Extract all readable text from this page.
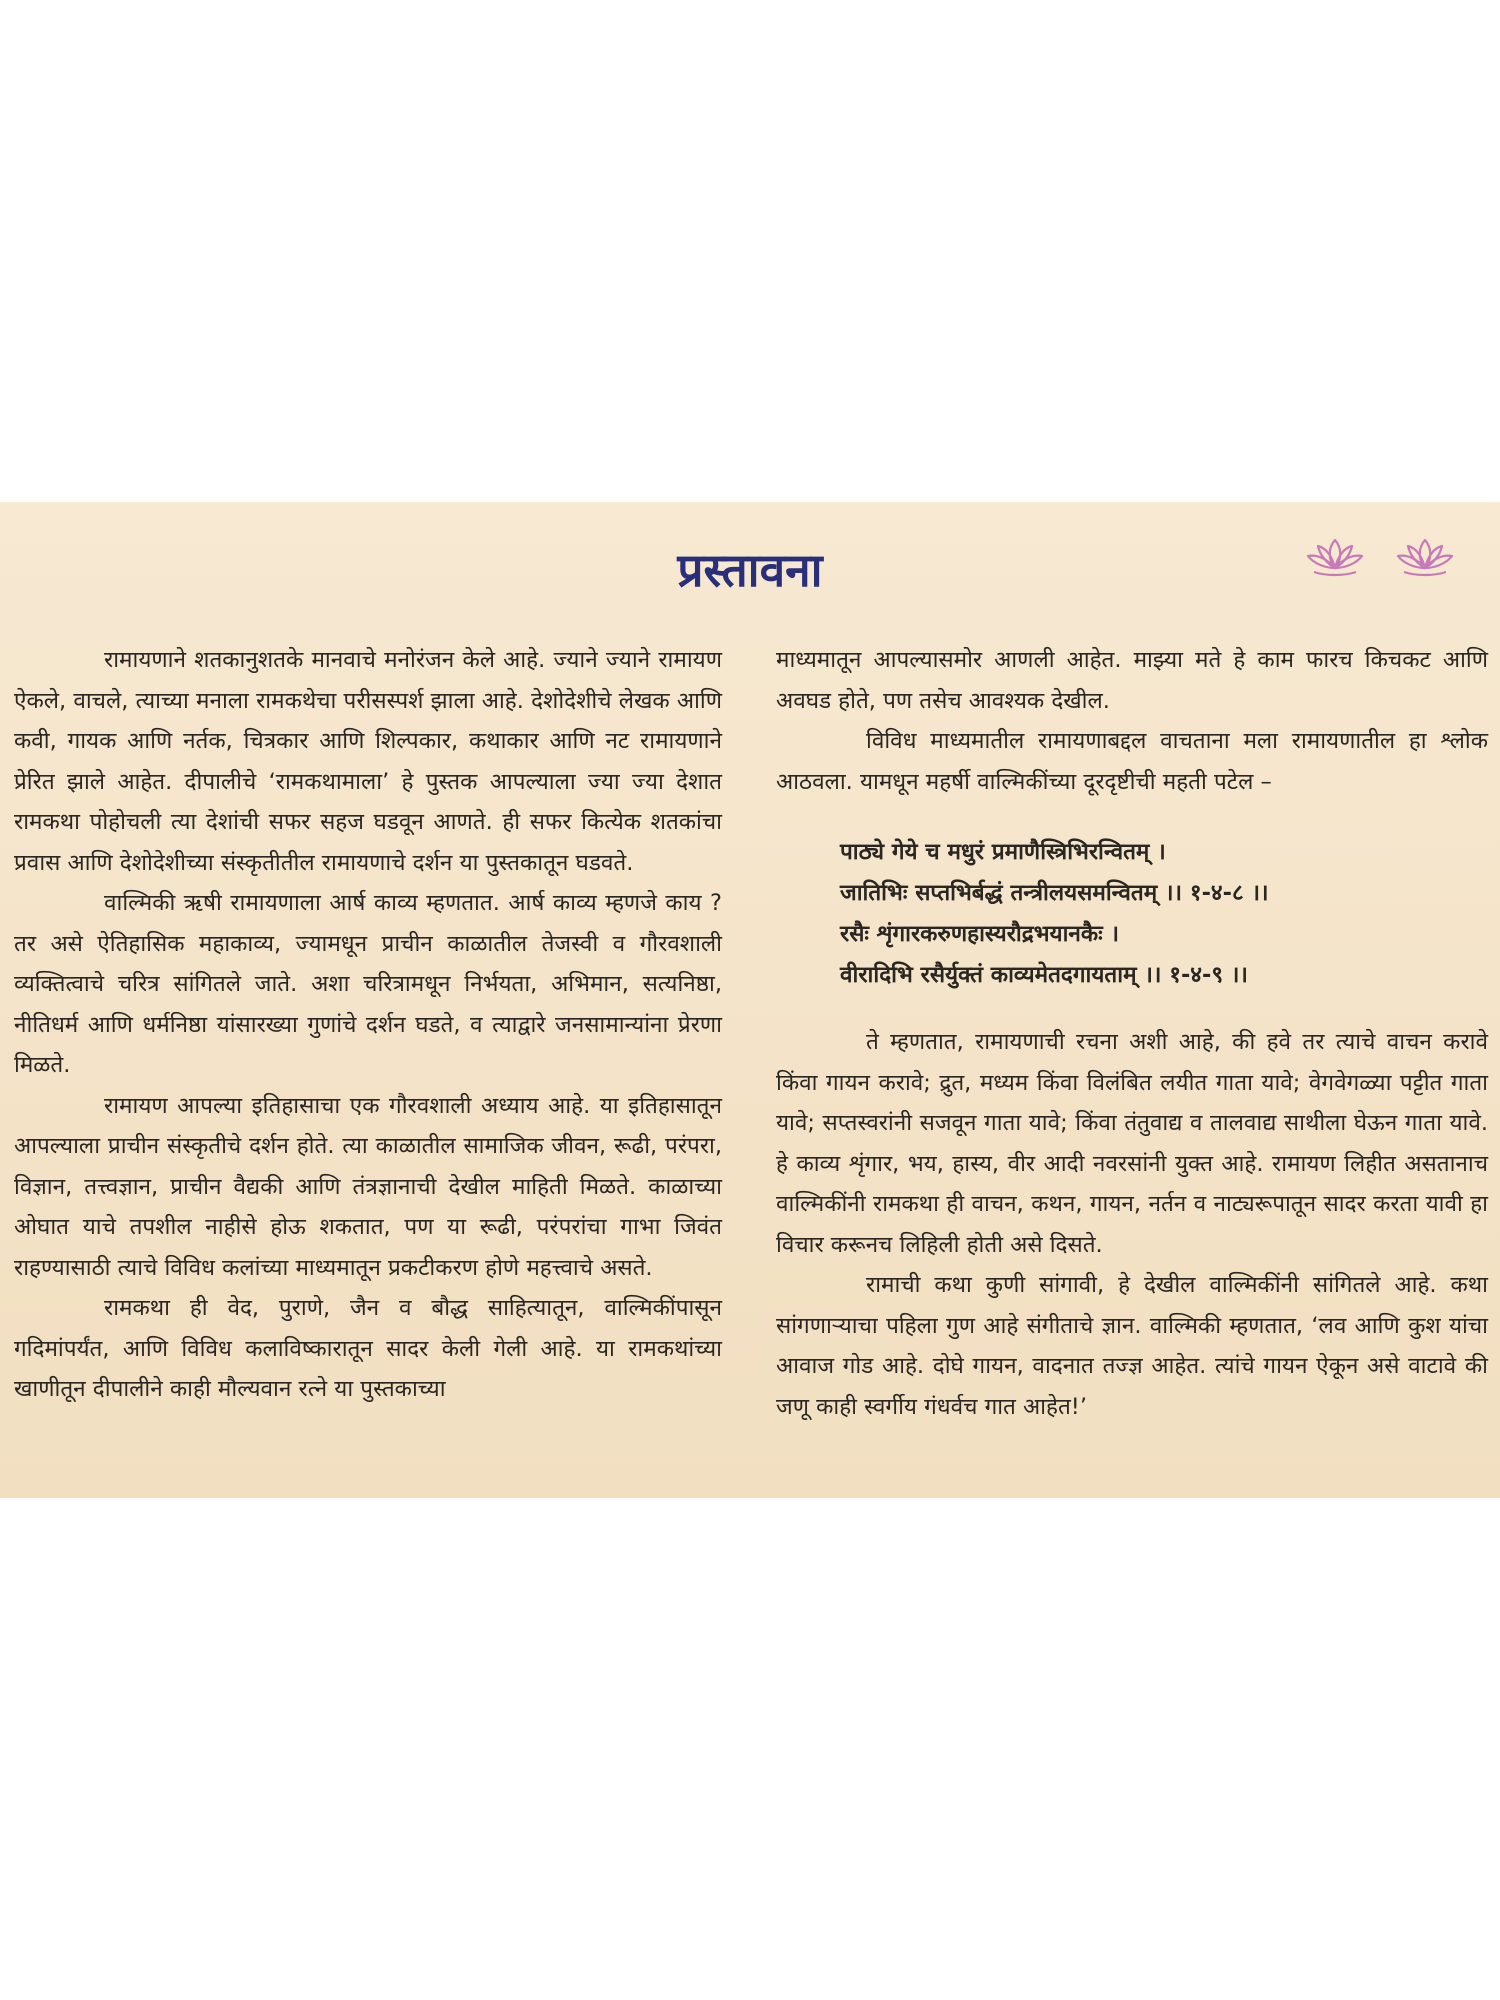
प्रस्तावना

रामायणाने शतकानुशतके मानवाचे मनोरंजन केले आहे. ज्याने ज्याने रामायण ऐकले, वाचले, त्याच्या मनाला रामकथेचा परीसस्पर्श झाला आहे. देशोदेशीचे लेखक आणि कवी, गायक आणि नर्तक, चित्रकार आणि शिल्पकार, कथाकार आणि नट रामायणाने प्रेरित झाले आहेत. दीपालीचे ‘रामकथामाला’ हे पुस्तक आपल्याला ज्या ज्या देशात रामकथा पोहोचली त्या देशांची सफर सहज घडवून आणते. ही सफर कित्येक शतकांचा प्रवास आणि देशोदेशीच्या संस्कृतीतील रामायणाचे दर्शन या पुस्तकातून घडवते.

वाल्मिकी ऋषी रामायणाला आर्ष काव्य म्हणतात. आर्ष काव्य म्हणजे काय ? तर असे ऐतिहासिक महाकाव्य, ज्यामधून प्राचीन काळातील तेजस्वी व गौरवशाली व्यक्तित्वाचे चरित्र सांगितले जाते. अशा चरित्रामधून निर्भयता, अभिमान, सत्यनिष्ठा, नीतिधर्म आणि धर्मनिष्ठा यांसारख्या गुणांचे दर्शन घडते, व त्याद्वारे जनसामान्यांना प्रेरणा मिळते.

रामायण आपल्या इतिहासाचा एक गौरवशाली अध्याय आहे. या इतिहासातून आपल्याला प्राचीन संस्कृतीचे दर्शन होते. त्या काळातील सामाजिक जीवन, रूढी, परंपरा, विज्ञान, तत्त्वज्ञान, प्राचीन वैद्यकी आणि तंत्रज्ञानाची देखील माहिती मिळते. काळाच्या ओघात याचे तपशील नाहीसे होऊ शकतात, पण या रूढी, परंपरांचा गाभा जिवंत राहण्यासाठी त्याचे विविध कलांच्या माध्यमातून प्रकटीकरण होणे महत्त्वाचे असते.

रामकथा ही वेद, पुराणे, जैन व बौद्ध साहित्यातून, वाल्मिकींपासून गदिमांपर्यंत, आणि विविध कलाविष्कारातून सादर केली गेली आहे. या रामकथांच्या खाणीतून दीपालीने काही मौल्यवान रत्ने या पुस्तकाच्या

माध्यमातून आपल्यासमोर आणली आहेत. माझ्या मते हे काम फारच किचकट आणि अवघड होते, पण तसेच आवश्यक देखील.

विविध माध्यमातील रामायणाबद्दल वाचताना मला रामायणातील हा श्लोक आठवला. यामधून महर्षी वाल्मिकींच्या दूरदृष्टीची महती पटेल –

पाठ्ये गेये च मधुरं प्रमाणैस्त्रिभिरन्वितम् ।
जातिभिः सप्तभिर्बद्धं तन्त्रीलयसमन्वितम् ।। १-४-८ ।।
रसैः शृंगारकरुणहास्यरौद्रभयानकैः ।
वीरादिभि रसैर्युक्तं काव्यमेतदगायताम् ।। १-४-९ ।।

ते म्हणतात, रामायणाची रचना अशी आहे, की हवे तर त्याचे वाचन करावे किंवा गायन करावे; द्रुत, मध्यम किंवा विलंबित लयीत गाता यावे; वेगवेगळ्या पट्टीत गाता यावे; सप्तस्वरांनी सजवून गाता यावे; किंवा तंतुवाद्य व तालवाद्य साथीला घेऊन गाता यावे. हे काव्य शृंगार, भय, हास्य, वीर आदी नवरसांनी युक्त आहे. रामायण लिहीत असतानाच वाल्मिकींनी रामकथा ही वाचन, कथन, गायन, नर्तन व नाट्यरूपातून सादर करता यावी हा विचार करूनच लिहिली होती असे दिसते.

रामाची कथा कुणी सांगावी, हे देखील वाल्मिकींनी सांगितले आहे. कथा सांगणाऱ्याचा पहिला गुण आहे संगीताचे ज्ञान. वाल्मिकी म्हणतात, ‘लव आणि कुश यांचा आवाज गोड आहे. दोघे गायन, वादनात तज्ज्ञ आहेत. त्यांचे गायन ऐकून असे वाटावे की जणू काही स्वर्गीय गंधर्वच गात आहेत!’
